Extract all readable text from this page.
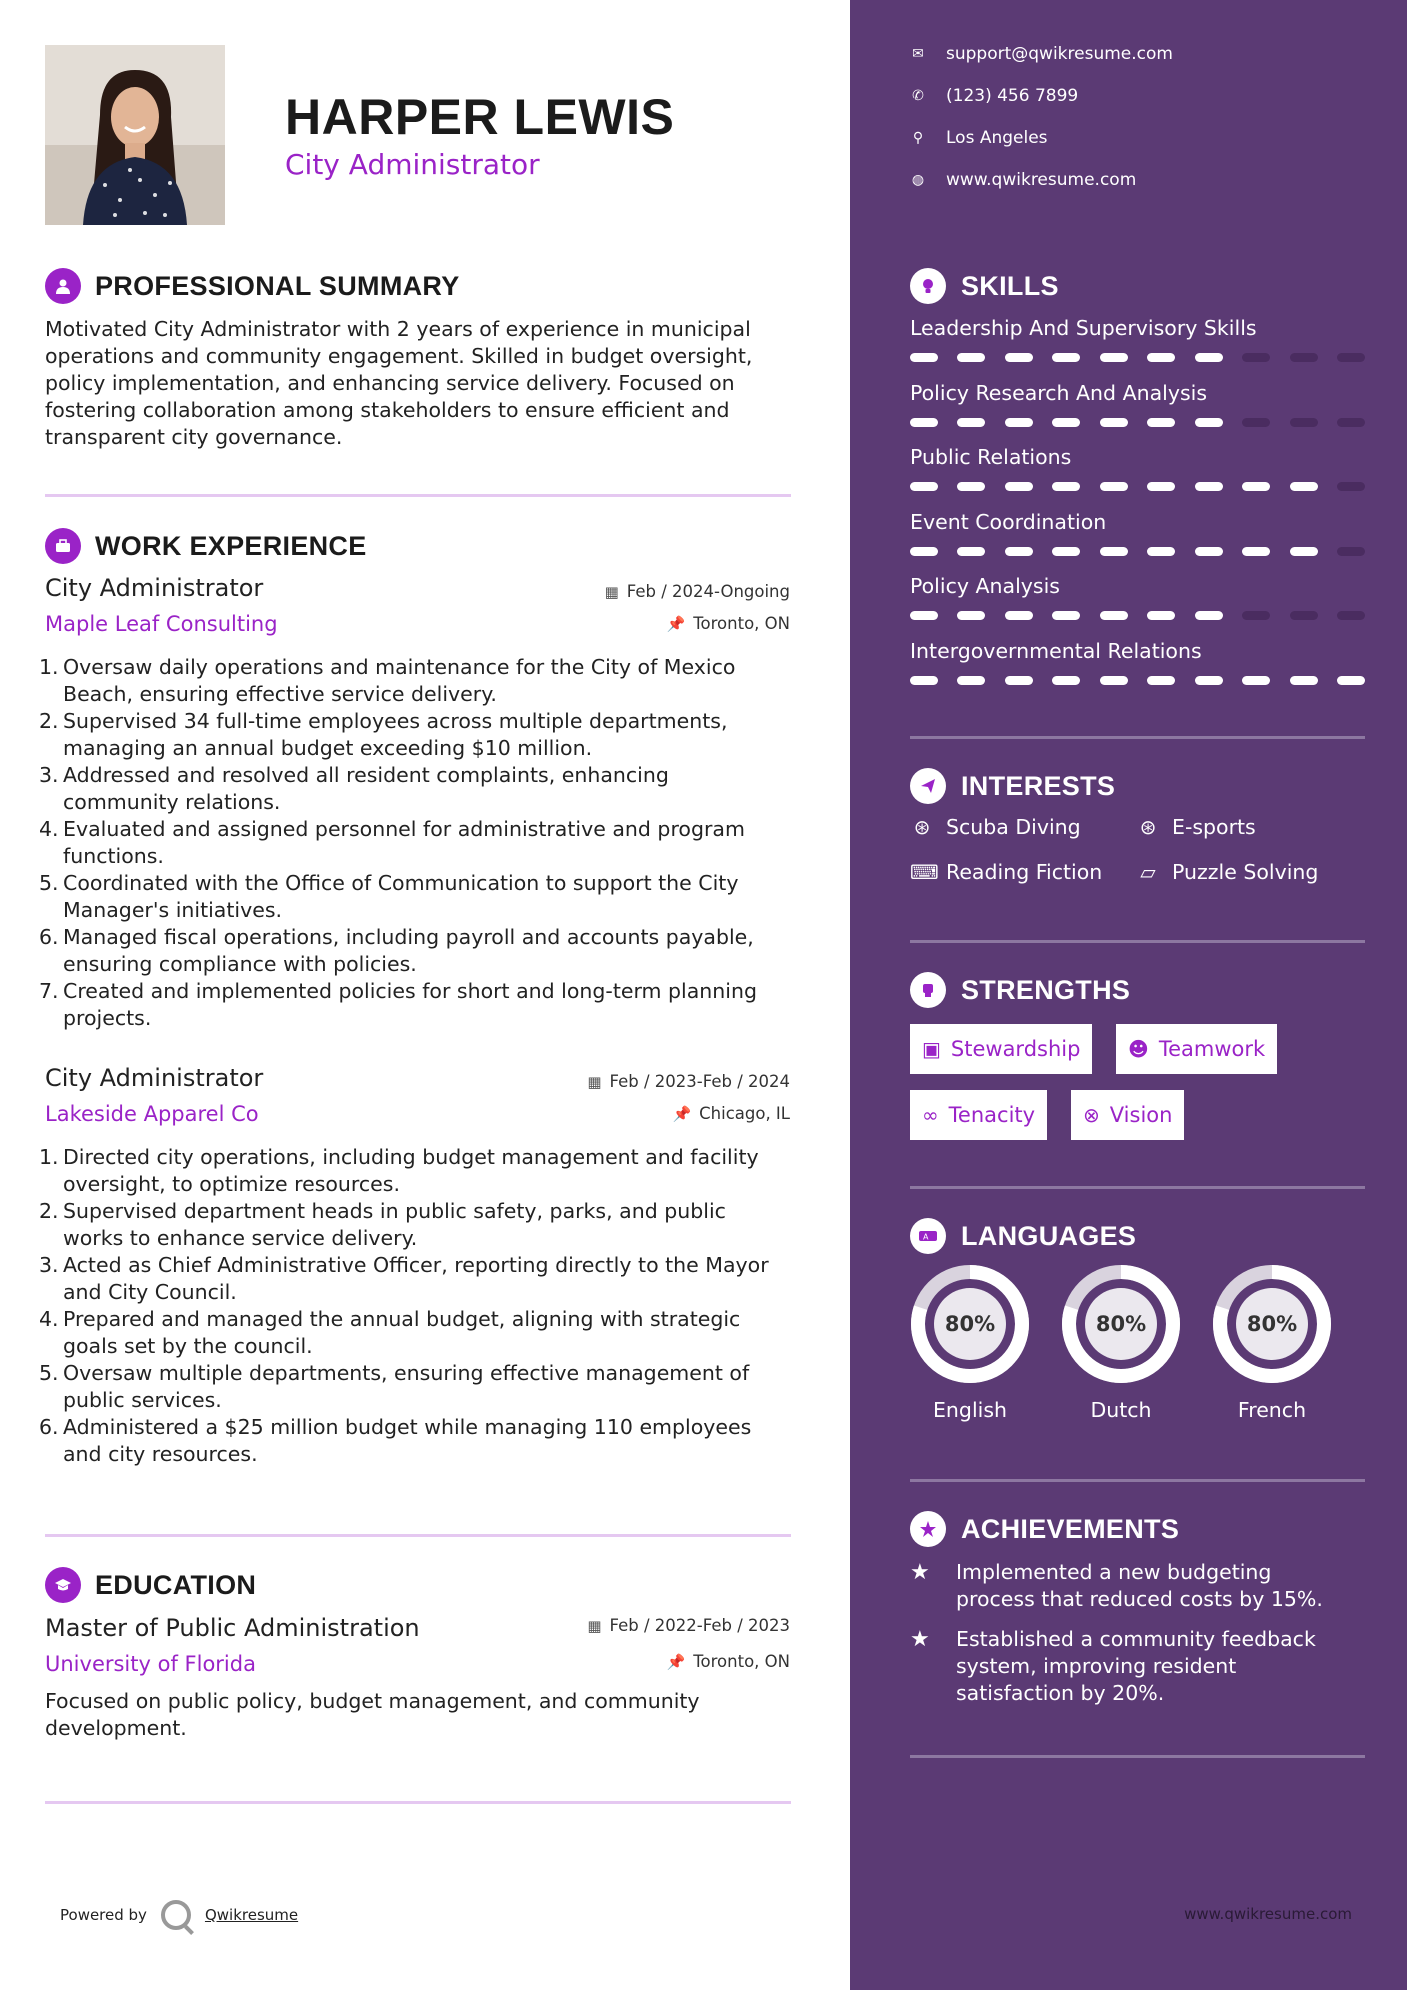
HARPER LEWIS
City Administrator
PROFESSIONAL SUMMARY
Motivated City Administrator with 2 years of experience in municipal operations and community engagement. Skilled in budget oversight, policy implementation, and enhancing service delivery. Focused on fostering collaboration among stakeholders to ensure efficient and transparent city governance.
WORK EXPERIENCE
City Administrator	▦ Feb / 2024-Ongoing
Maple Leaf Consulting	📌 Toronto, ON
1. Oversaw daily operations and maintenance for the City of Mexico Beach, ensuring effective service delivery.
2. Supervised 34 full-time employees across multiple departments, managing an annual budget exceeding $10 million.
3. Addressed and resolved all resident complaints, enhancing community relations.
4. Evaluated and assigned personnel for administrative and program functions.
5. Coordinated with the Office of Communication to support the City Manager's initiatives.
6. Managed fiscal operations, including payroll and accounts payable, ensuring compliance with policies.
7. Created and implemented policies for short and long-term planning projects.
City Administrator	▦ Feb / 2023-Feb / 2024
Lakeside Apparel Co	📌 Chicago, IL
1. Directed city operations, including budget management and facility oversight, to optimize resources.
2. Supervised department heads in public safety, parks, and public works to enhance service delivery.
3. Acted as Chief Administrative Officer, reporting directly to the Mayor and City Council.
4. Prepared and managed the annual budget, aligning with strategic goals set by the council.
5. Oversaw multiple departments, ensuring effective management of public services.
6. Administered a $25 million budget while managing 110 employees and city resources.
EDUCATION
Master of Public Administration	▦ Feb / 2022-Feb / 2023
University of Florida	📌 Toronto, ON
Focused on public policy, budget management, and community development.
Powered by	Qwikresume
✉ support@qwikresume.com
✆ (123) 456 7899
⚲ Los Angeles
◍ www.qwikresume.com
SKILLS
Leadership And Supervisory Skills
Policy Research And Analysis
Public Relations
Event Coordination
Policy Analysis
Intergovernmental Relations
INTERESTS
⊛ Scuba Diving	⊛ E-sports
⌨ Reading Fiction ▱ Puzzle Solving
STRENGTHS
▣ Stewardship ☻ Teamwork
∞ Tenacity ⊗ Vision
A LANGUAGES
80%
English
80%
Dutch
80%
French
ACHIEVEMENTS
★	Implemented a new budgeting process that reduced costs by 15%.
★	Established a community feedback system, improving resident satisfaction by 20%.
www.qwikresume.com
